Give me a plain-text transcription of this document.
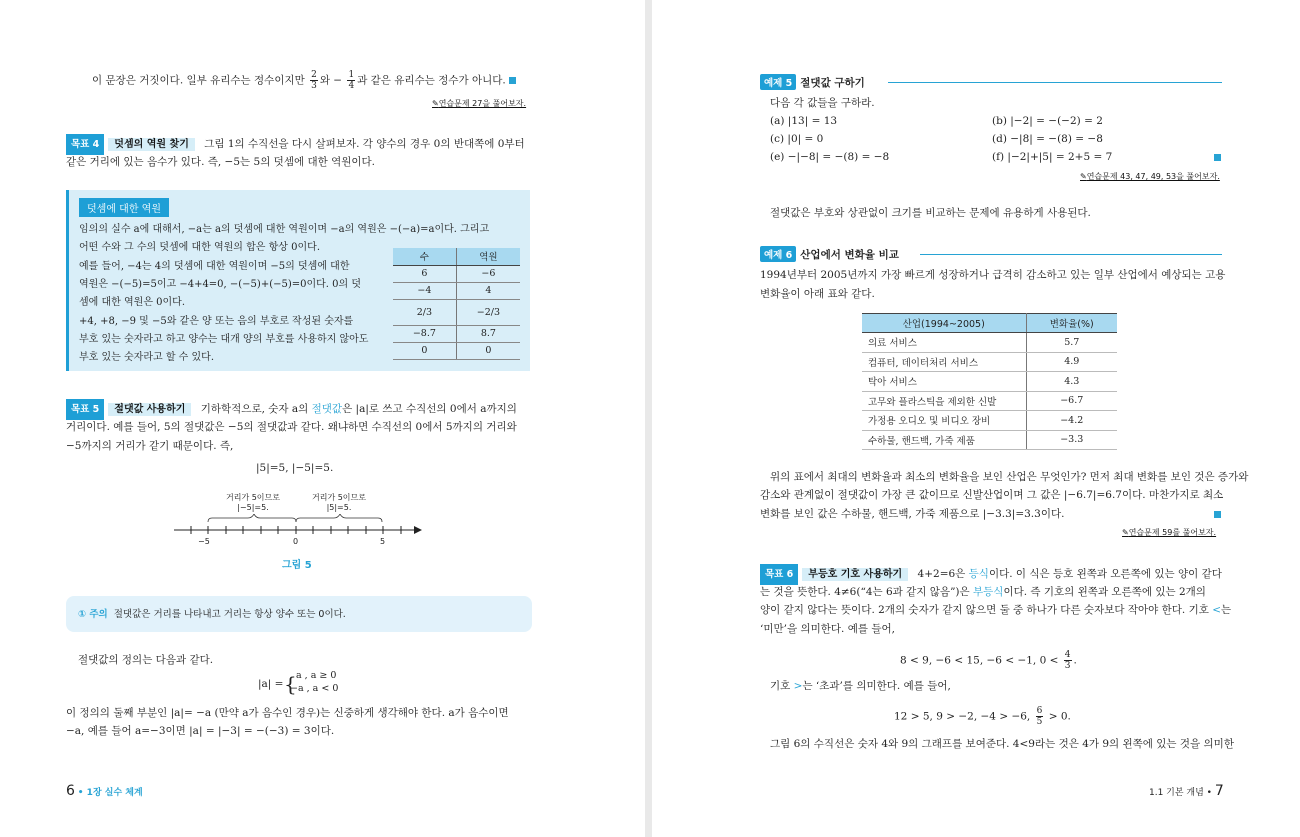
이 문장은 거짓이다. 일부 유리수는 정수이지만 $\frac{2}{3}$ 와 − $\frac{1}{4}$ 과 같은 유리수는 정수가 아니다.
✎연습문제 27을 풀어보자.
목표 4 덧셈의 역원 찾기 그림 1의 수직선을 다시 살펴보자. 각 양수의 경우 0의 반대쪽에 0부터
같은 거리에 있는 음수가 있다. 즉, −5는 5의 덧셈에 대한 역원이다.
덧셈에 대한 역원
임의의 실수 a에 대해서, −a는 a의 덧셈에 대한 역원이며 −a의 역원은 −(−a)=a이다. 그리고
어떤 수와 그 수의 덧셈에 대한 역원의 합은 항상 0이다.
예를 들어, −4는 4의 덧셈에 대한 역원이며 −5의 덧셈에 대한
역원은 −(−5)=5이고 −4+4=0, −(−5)+(−5)=0이다. 0의 덧
셈에 대한 역원은 0이다.
+4, +8, −9 및 −5와 같은 양 또는 음의 부호로 작성된 숫자를
부호 있는 숫자라고 하고 양수는 대개 양의 부호를 사용하지 않아도
부호 있는 숫자라고 할 수 있다.
수	역원
6	−6
−4	4
2/3	−2/3
−8.7	8.7
0	0
목표 5 절댓값 사용하기 기하학적으로, 숫자 a의 절댓값은 |a|로 쓰고 수직선의 0에서 a까지의
거리이다. 예를 들어, 5의 절댓값은 −5의 절댓값과 같다. 왜냐하면 수직선의 0에서 5까지의 거리와
−5까지의 거리가 같기 때문이다. 즉,
|5|=5, |−5|=5.
거리가 5이므로
|−5|=5.
거리가 5이므로
|5|=5.
−5	0	5
그림 5
① 주의 절댓값은 거리를 나타내고 거리는 항상 양수 또는 0이다.
절댓값의 정의는 다음과 같다.
|a| = { a , a ≥ 0
−a , a < 0
이 정의의 둘째 부분인 |a|= −a (만약 a가 음수인 경우)는 신중하게 생각해야 한다. a가 음수이면
−a, 예를 들어 a=−3이면 |a| = |−3| = −(−3) = 3이다.
6 • 1장 실수 체계
예제 5 절댓값 구하기
다음 각 값들을 구하라.
(a) |13| = 13	(b) |−2| = −(−2) = 2
(c) |0| = 0	(d) −|8| = −(8) = −8
(e) −|−8| = −(8) = −8	(f) |−2|+|5| = 2+5 = 7
✎연습문제 43, 47, 49, 53을 풀어보자.
절댓값은 부호와 상관없이 크기를 비교하는 문제에 유용하게 사용된다.
예제 6 산업에서 변화율 비교
1994년부터 2005년까지 가장 빠르게 성장하거나 급격히 감소하고 있는 일부 산업에서 예상되는 고용
변화율이 아래 표와 같다.
산업(1994~2005)	변화율(%)
의료 서비스	5.7
컴퓨터, 데이터처리 서비스	4.9
탁아 서비스	4.3
고무와 플라스틱을 제외한 신발	−6.7
가정용 오디오 및 비디오 장비	−4.2
수하물, 핸드백, 가죽 제품	−3.3
위의 표에서 최대의 변화율과 최소의 변화율을 보인 산업은 무엇인가? 먼저 최대 변화를 보인 것은 증가와
감소와 관계없이 절댓값이 가장 큰 값이므로 신발산업이며 그 값은 |−6.7|=6.7이다. 마찬가지로 최소
변화를 보인 값은 수하물, 핸드백, 가죽 제품으로 |−3.3|=3.3이다.
✎연습문제 59를 풀어보자.
목표 6 부등호 기호 사용하기 4+2=6은 등식이다. 이 식은 등호 왼쪽과 오른쪽에 있는 양이 같다
는 것을 뜻한다. 4≠6(“4는 6과 같지 않음”)은 부등식이다. 즉 기호의 왼쪽과 오른쪽에 있는 2개의
양이 같지 않다는 뜻이다. 2개의 숫자가 같지 않으면 둘 중 하나가 다른 숫자보다 작아야 한다. 기호 <는
‘미만’을 의미한다. 예를 들어,
8 < 9, −6 < 15, −6 < −1, $0 < \frac{4}{3}$ .
기호 >는 ‘초과’를 의미한다. 예를 들어,
12 > 5, 9 > −2, −4 > −6, $\frac{6}{5} > 0$.
그림 6의 수직선은 숫자 4와 9의 그래프를 보여준다. 4<9라는 것은 4가 9의 왼쪽에 있는 것을 의미한
1.1 기본 개념 • 7
